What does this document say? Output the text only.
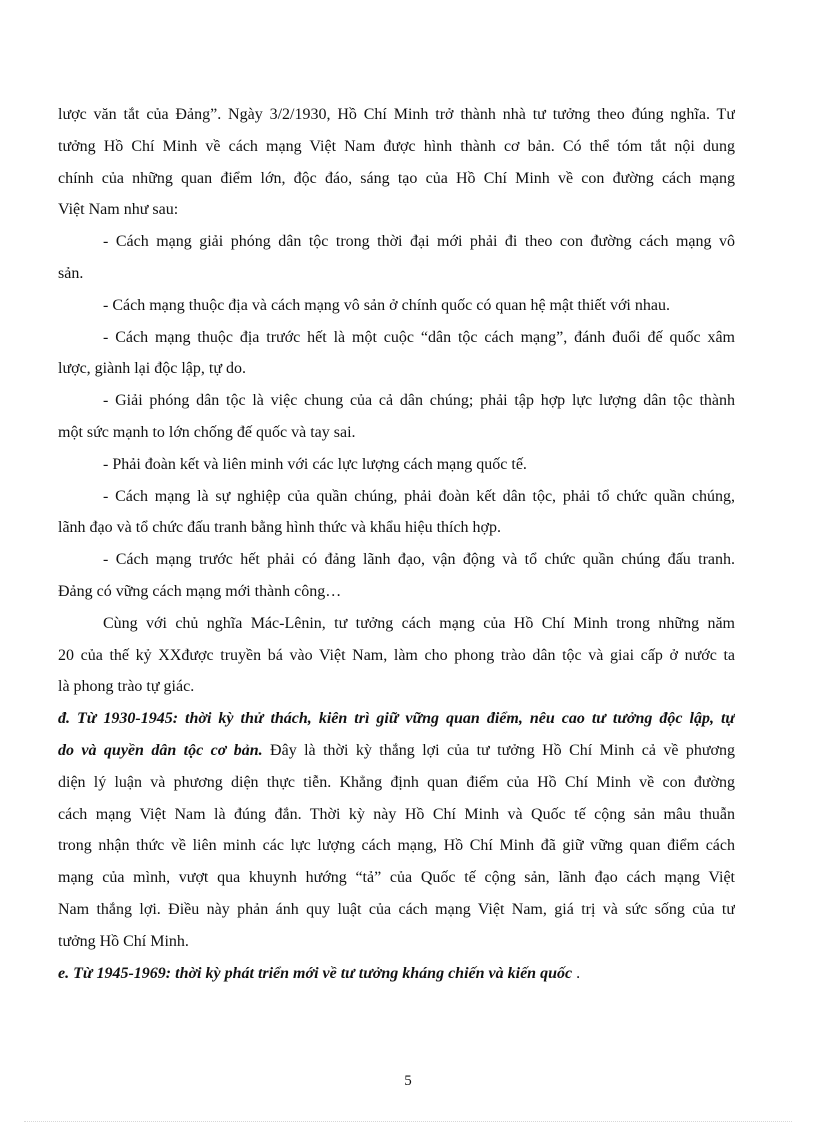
lược văn tắt của Đảng”. Ngày 3/2/1930, Hồ Chí Minh trở thành nhà tư tưởng theo đúng nghĩa. Tư
tưởng Hồ Chí Minh về cách mạng Việt Nam được hình thành cơ bản. Có thể tóm tắt nội dung
chính của những quan điểm lớn, độc đáo, sáng tạo của Hồ Chí Minh về con đường cách mạng
Việt Nam như sau:
- Cách mạng giải phóng dân tộc trong thời đại mới phải đi theo con đường cách mạng vô
sản.
- Cách mạng thuộc địa và cách mạng vô sản ở chính quốc có quan hệ mật thiết với nhau.
- Cách mạng thuộc địa trước hết là một cuộc “dân tộc cách mạng”, đánh đuổi đế quốc xâm
lược, giành lại độc lập, tự do.
- Giải phóng dân tộc là việc chung của cả dân chúng; phải tập hợp lực lượng dân tộc thành
một sức mạnh to lớn chống đế quốc và tay sai.
- Phải đoàn kết và liên minh với các lực lượng cách mạng quốc tế.
- Cách mạng là sự nghiệp của quần chúng, phải đoàn kết dân tộc, phải tổ chức quần chúng,
lãnh đạo và tổ chức đấu tranh bằng hình thức và khẩu hiệu thích hợp.
- Cách mạng trước hết phải có đảng lãnh đạo, vận động và tổ chức quần chúng đấu tranh.
Đảng có vững cách mạng mới thành công…
Cùng với chủ nghĩa Mác-Lênin, tư tưởng cách mạng của Hồ Chí Minh trong những năm
20 của thế kỷ XXđược truyền bá vào Việt Nam, làm cho phong trào dân tộc và giai cấp ở nước ta
là phong trào tự giác.
đ. Từ 1930-1945: thời kỳ thử thách, kiên trì giữ vững quan điểm, nêu cao tư tưởng độc lập, tự
do và quyền dân tộc cơ bản. Đây là thời kỳ thắng lợi của tư tưởng Hồ Chí Minh cả về phương
diện lý luận và phương diện thực tiễn. Khẳng định quan điểm của Hồ Chí Minh về con đường
cách mạng Việt Nam là đúng đắn. Thời kỳ này Hồ Chí Minh và Quốc tế cộng sản mâu thuẫn
trong nhận thức về liên minh các lực lượng cách mạng, Hồ Chí Minh đã giữ vững quan điểm cách
mạng của mình, vượt qua khuynh hướng “tả” của Quốc tế cộng sản, lãnh đạo cách mạng Việt
Nam thắng lợi. Điều này phản ánh quy luật của cách mạng Việt Nam, giá trị và sức sống của tư
tưởng Hồ Chí Minh.
e. Từ 1945-1969: thời kỳ phát triển mới về tư tưởng kháng chiến và kiến quốc .
5
